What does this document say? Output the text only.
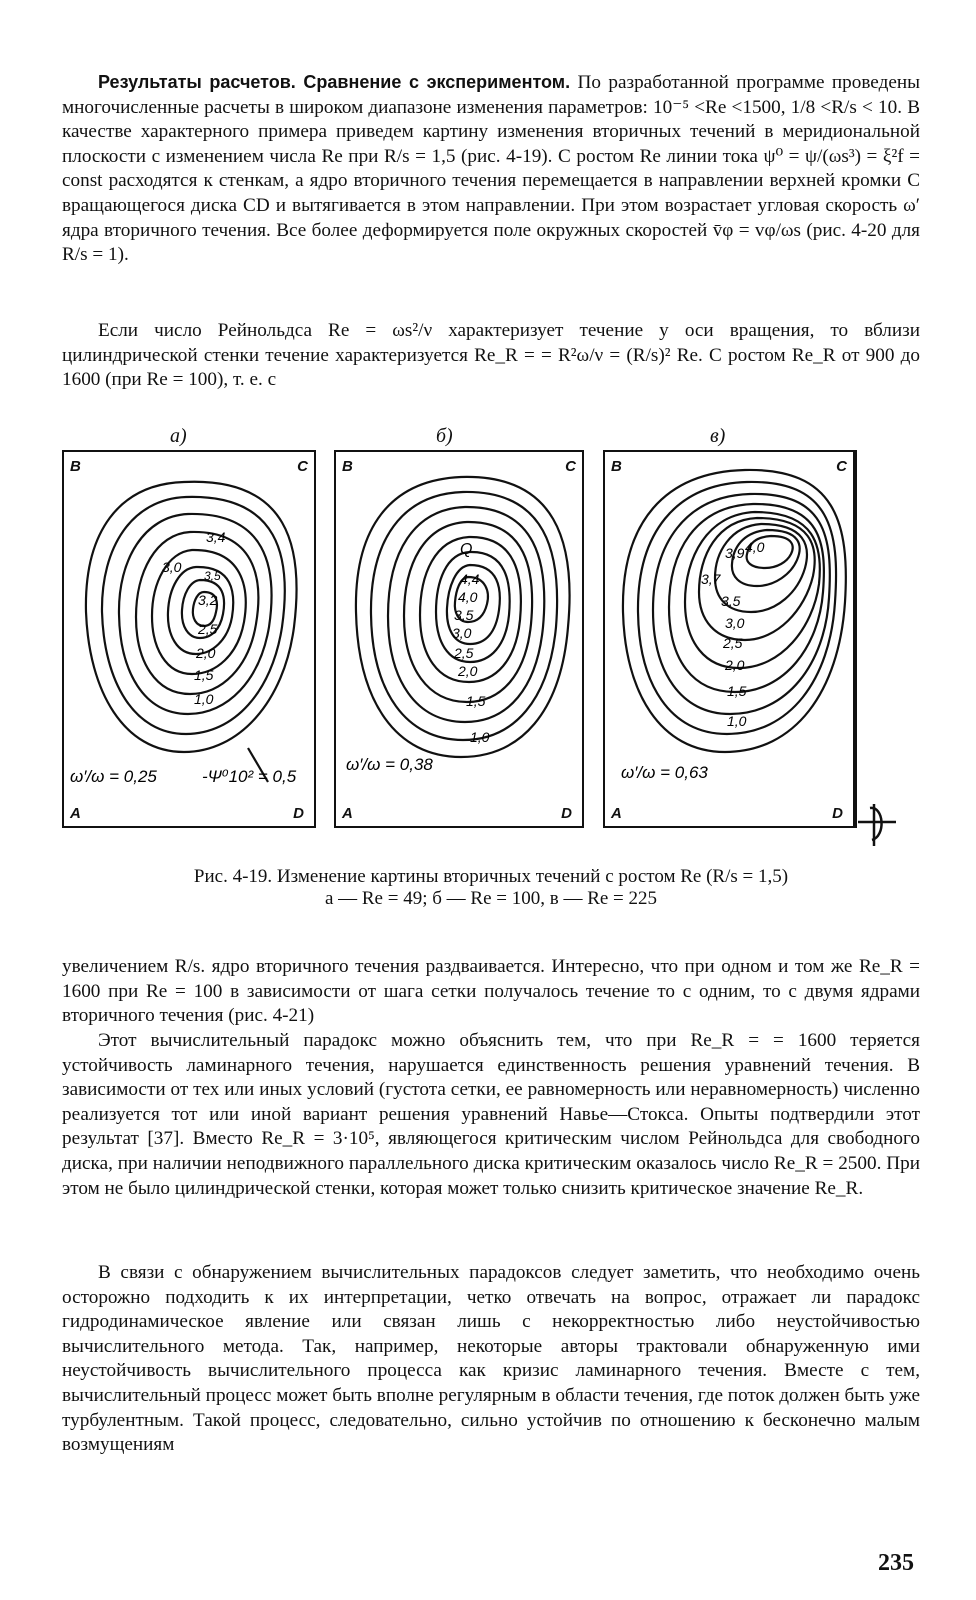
Результаты расчетов. Сравнение с экспериментом. По разработанной программе проведены многочисленные расчеты в широком диапазоне изменения параметров: 10⁻⁵ <Re <1500, 1/8 <R/s < 10. В качестве характерного примера приведем картину изменения вторичных течений в меридиональной плоскости с изменением числа Re при R/s = 1,5 (рис. 4-19). С ростом Re линии тока ψ⁰ = ψ/(ωs³) = ξ²f = const расходятся к стенкам, а ядро вторичного течения перемещается в направлении верхней кромки C вращающегося диска CD и вытягивается в этом направлении. При этом возрастает угловая скорость ω′ ядра вторичного течения. Все более деформируется поле окружных скоростей v̄φ = vφ/ωs (рис. 4-20 для R/s = 1).

Если число Рейнольдса Re = ωs²/ν характеризует течение у оси вращения, то вблизи цилиндрической стенки течение характеризуется Re_R = = R²ω/ν = (R/s)² Re. С ростом Re_R от 900 до 1600 (при Re = 100), т. е. с

а)	б)	в)
B	C
A	D
3,4
3,0
3,5
3,2
2,5
2,0
1,5
1,0
ω′/ω = 0,25	-Ψ⁰10² = 0,5
B	C
A	D
Q
4,4
4,0
3,5
3,0
2,5
2,0
1,5
1,0
ω′/ω = 0,38
B	C
A	D
3,7
3,9 4,0
3,5
3,0
2,5
2,0
1,5
1,0
ω′/ω = 0,63
Рис. 4-19. Изменение картины вторичных течений с ростом Re (R/s = 1,5)
а — Re = 49; б — Re = 100, в — Re = 225

увеличением R/s. ядро вторичного течения раздваивается. Интересно, что при одном и том же Re_R = 1600 при Re = 100 в зависимости от шага сетки получалось течение то с одним, то с двумя ядрами вторичного течения (рис. 4-21)

Этот вычислительный парадокс можно объяснить тем, что при Re_R = = 1600 теряется устойчивость ламинарного течения, нарушается единственность решения уравнений течения. В зависимости от тех или иных условий (густота сетки, ее равномерность или неравномерность) численно реализуется тот или иной вариант решения уравнений Навье—Стокса. Опыты подтвердили этот результат [37]. Вместо Re_R = 3·10⁵, являющегося критическим числом Рейнольдса для свободного диска, при наличии неподвижного параллельного диска критическим оказалось число Re_R = 2500. При этом не было цилиндрической стенки, которая может только снизить критическое значение Re_R.

В связи с обнаружением вычислительных парадоксов следует заметить, что необходимо очень осторожно подходить к их интерпретации, четко отвечать на вопрос, отражает ли парадокс гидродинамическое явление или связан лишь с некорректностью либо неустойчивостью вычислительного метода. Так, например, некоторые авторы трактовали обнаруженную ими неустойчивость вычислительного процесса как кризис ламинарного течения. Вместе с тем, вычислительный процесс может быть вполне регулярным в области течения, где поток должен быть уже турбулентным. Такой процесс, следовательно, сильно устойчив по отношению к бесконечно малым возмущениям

235
